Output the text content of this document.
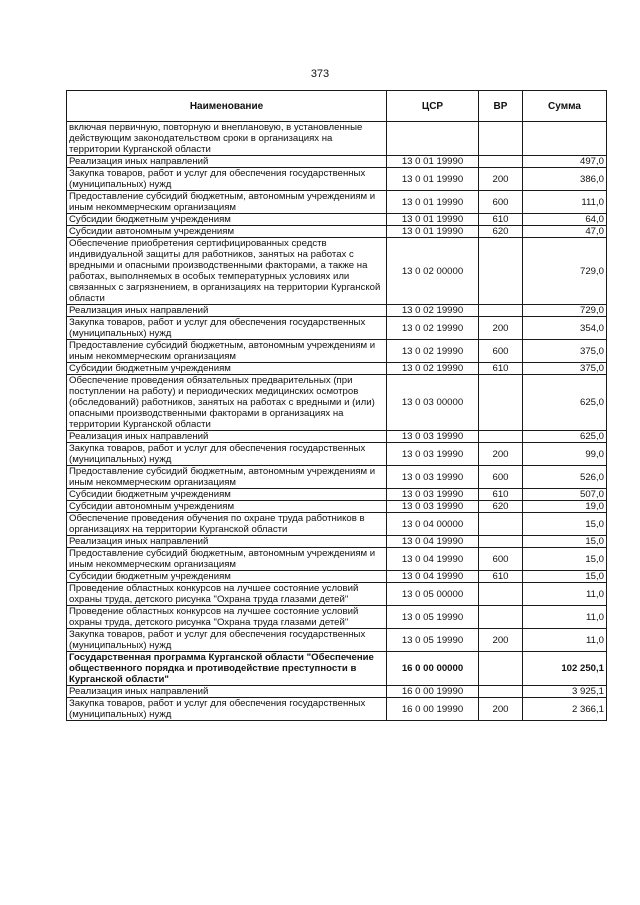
373
Наименование	ЦСР	ВР	Сумма
включая первичную, повторную и внеплановую, в установленные действующим законодательством сроки в организациях на территории Курганской области			
Реализация иных направлений	13 0 01 19990		497,0
Закупка товаров, работ и услуг для обеспечения государственных (муниципальных) нужд	13 0 01 19990	200	386,0
Предоставление субсидий бюджетным, автономным учреждениям и иным некоммерческим организациям	13 0 01 19990	600	111,0
Субсидии бюджетным учреждениям	13 0 01 19990	610	64,0
Субсидии автономным учреждениям	13 0 01 19990	620	47,0
Обеспечение приобретения сертифицированных средств индивидуальной защиты для работников, занятых на работах с вредными и опасными производственными факторами, а также на работах, выполняемых в особых температурных условиях или связанных с загрязнением, в организациях на территории Курганской области	13 0 02 00000		729,0
Реализация иных направлений	13 0 02 19990		729,0
Закупка товаров, работ и услуг для обеспечения государственных (муниципальных) нужд	13 0 02 19990	200	354,0
Предоставление субсидий бюджетным, автономным учреждениям и иным некоммерческим организациям	13 0 02 19990	600	375,0
Субсидии бюджетным учреждениям	13 0 02 19990	610	375,0
Обеспечение проведения обязательных предварительных (при поступлении на работу) и периодических медицинских осмотров (обследований) работников, занятых на работах с вредными и (или) опасными производственными факторами в организациях на территории Курганской области	13 0 03 00000		625,0
Реализация иных направлений	13 0 03 19990		625,0
Закупка товаров, работ и услуг для обеспечения государственных (муниципальных) нужд	13 0 03 19990	200	99,0
Предоставление субсидий бюджетным, автономным учреждениям и иным некоммерческим организациям	13 0 03 19990	600	526,0
Субсидии бюджетным учреждениям	13 0 03 19990	610	507,0
Субсидии автономным учреждениям	13 0 03 19990	620	19,0
Обеспечение проведения обучения по охране труда работников в организациях на территории Курганской области	13 0 04 00000		15,0
Реализация иных направлений	13 0 04 19990		15,0
Предоставление субсидий бюджетным, автономным учреждениям и иным некоммерческим организациям	13 0 04 19990	600	15,0
Субсидии бюджетным учреждениям	13 0 04 19990	610	15,0
Проведение областных конкурсов на лучшее состояние условий охраны труда, детского рисунка "Охрана труда глазами детей"	13 0 05 00000		11,0
Проведение областных конкурсов на лучшее состояние условий охраны труда, детского рисунка "Охрана труда глазами детей"	13 0 05 19990		11,0
Закупка товаров, работ и услуг для обеспечения государственных (муниципальных) нужд	13 0 05 19990	200	11,0
Государственная программа Курганской области "Обеспечение общественного порядка и противодействие преступности в Курганской области"	16 0 00 00000		102 250,1
Реализация иных направлений	16 0 00 19990		3 925,1
Закупка товаров, работ и услуг для обеспечения государственных (муниципальных) нужд	16 0 00 19990	200	2 366,1
